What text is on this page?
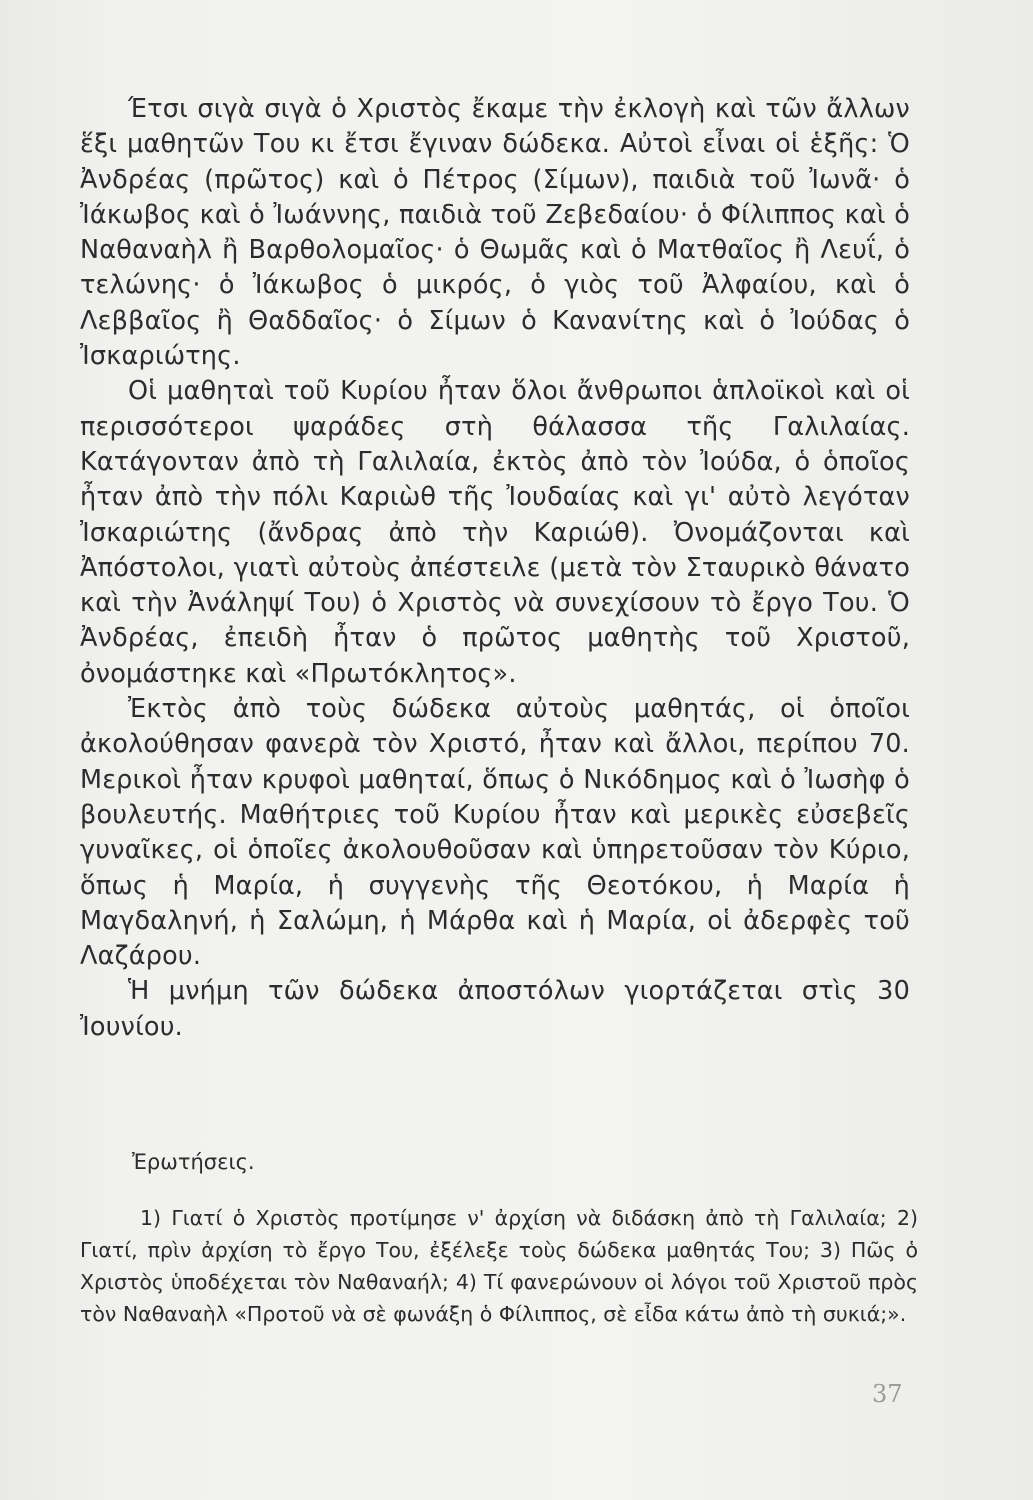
Έτσι σιγὰ σιγὰ ὁ Χριστὸς ἔκαμε τὴν ἐκλογὴ καὶ τῶν ἄλλων ἕξι μαθητῶν Του κι ἔτσι ἔγιναν δώδεκα. Αὐτοὶ εἶναι οἱ ἑξῆς: Ὁ Ἀνδρέας (πρῶτος) καὶ ὁ Πέτρος (Σίμων), παιδιὰ τοῦ Ἰωνᾶ· ὁ Ἰάκωβος καὶ ὁ Ἰωάννης, παιδιὰ τοῦ Ζεβεδαίου· ὁ Φίλιππος καὶ ὁ Ναθαναὴλ ἢ Βαρθολομαῖος· ὁ Θωμᾶς καὶ ὁ Ματθαῖος ἢ Λευΐ, ὁ τελώνης· ὁ Ἰάκωβος ὁ μικρός, ὁ γιὸς τοῦ Ἀλφαίου, καὶ ὁ Λεββαῖος ἢ Θαδδαῖος· ὁ Σίμων ὁ Κανανίτης καὶ ὁ Ἰούδας ὁ Ἰσκαριώτης.

Οἱ μαθηταὶ τοῦ Κυρίου ἦταν ὅλοι ἄνθρωποι ἁπλοϊκοὶ καὶ οἱ περισσότεροι ψαράδες στὴ θάλασσα τῆς Γαλιλαίας. Κατάγονταν ἀπὸ τὴ Γαλιλαία, ἐκτὸς ἀπὸ τὸν Ἰούδα, ὁ ὁποῖος ἦταν ἀπὸ τὴν πόλι Καριὼθ τῆς Ἰουδαίας καὶ γι' αὐτὸ λεγόταν Ἰσκαριώτης (ἄνδρας ἀπὸ τὴν Καριώθ). Ὀνομάζονται καὶ Ἀπόστολοι, γιατὶ αὐτοὺς ἀπέστειλε (μετὰ τὸν Σταυρικὸ θάνατο καὶ τὴν Ἀνάληψί Του) ὁ Χριστὸς νὰ συνεχίσουν τὸ ἔργο Του. Ὁ Ἀνδρέας, ἐπειδὴ ἦταν ὁ πρῶτος μαθητὴς τοῦ Χριστοῦ, ὀνομάστηκε καὶ «Πρωτόκλητος».

Ἐκτὸς ἀπὸ τοὺς δώδεκα αὐτοὺς μαθητάς, οἱ ὁποῖοι ἀκολούθησαν φανερὰ τὸν Χριστό, ἦταν καὶ ἄλλοι, περίπου 70. Μερικοὶ ἦταν κρυφοὶ μαθηταί, ὅπως ὁ Νικόδημος καὶ ὁ Ἰωσὴφ ὁ βουλευτής. Μαθήτριες τοῦ Κυρίου ἦταν καὶ μερικὲς εὐσεβεῖς γυναῖκες, οἱ ὁποῖες ἀκολουθοῦσαν καὶ ὑπηρετοῦσαν τὸν Κύριο, ὅπως ἡ Μαρία, ἡ συγγενὴς τῆς Θεοτόκου, ἡ Μαρία ἡ Μαγδαληνή, ἡ Σαλώμη, ἡ Μάρθα καὶ ἡ Μαρία, οἱ ἀδερφὲς τοῦ Λαζάρου.

Ἡ μνήμη τῶν δώδεκα ἀποστόλων γιορτάζεται στὶς 30 Ἰουνίου.

Ἐρωτήσεις.

1) Γιατί ὁ Χριστὸς προτίμησε ν' ἀρχίση νὰ διδάσκη ἀπὸ τὴ Γαλιλαία; 2) Γιατί, πρὶν ἀρχίση τὸ ἔργο Του, ἐξέλεξε τοὺς δώδεκα μαθητάς Του; 3) Πῶς ὁ Χριστὸς ὑποδέχεται τὸν Ναθαναήλ; 4) Τί φανερώνουν οἱ λόγοι τοῦ Χριστοῦ πρὸς τὸν Ναθαναὴλ «Προτοῦ νὰ σὲ φωνάξη ὁ Φίλιππος, σὲ εἶδα κάτω ἀπὸ τὴ συκιά;».

37
